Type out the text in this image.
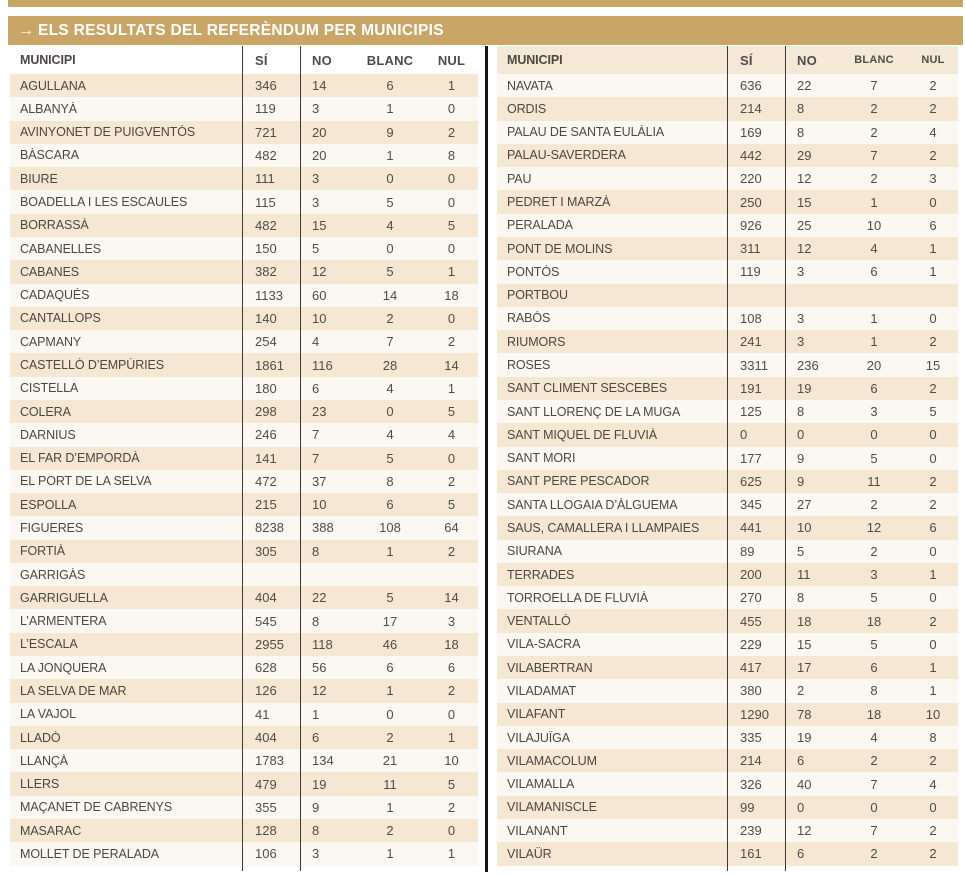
→ ELS RESULTATS DEL REFERÈNDUM PER MUNICIPIS
MUNICIPI	SÍ	NO	BLANC	NUL
AGULLANA	346	14	6	1
ALBANYÀ	119	3	1	0
AVINYONET DE PUIGVENTÓS	721	20	9	2
BÀSCARA	482	20	1	8
BIURE	111	3	0	0
BOADELLA I LES ESCAULES	115	3	5	0
BORRASSÀ	482	15	4	5
CABANELLES	150	5	0	0
CABANES	382	12	5	1
CADAQUÉS	1133	60	14	18
CANTALLOPS	140	10	2	0
CAPMANY	254	4	7	2
CASTELLÓ D’EMPÚRIES	1861	116	28	14
CISTELLA	180	6	4	1
COLERA	298	23	0	5
DARNIUS	246	7	4	4
EL FAR D’EMPORDÀ	141	7	5	0
EL PORT DE LA SELVA	472	37	8	2
ESPOLLA	215	10	6	5
FIGUERES	8238	388	108	64
FORTIÀ	305	8	1	2
GARRIGÀS
GARRIGUELLA	404	22	5	14
L’ARMENTERA	545	8	17	3
L’ESCALA	2955	118	46	18
LA JONQUERA	628	56	6	6
LA SELVA DE MAR	126	12	1	2
LA VAJOL	41	1	0	0
LLADÓ	404	6	2	1
LLANÇÀ	1783	134	21	10
LLERS	479	19	11	5
MAÇANET DE CABRENYS	355	9	1	2
MASARAC	128	8	2	0
MOLLET DE PERALADA	106	3	1	1
MUNICIPI	SÍ	NO	BLANC	NUL
NAVATA	636	22	7	2
ORDIS	214	8	2	2
PALAU DE SANTA EULÀLIA	169	8	2	4
PALAU-SAVERDERA	442	29	7	2
PAU	220	12	2	3
PEDRET I MARZÀ	250	15	1	0
PERALADA	926	25	10	6
PONT DE MOLINS	311	12	4	1
PONTÓS	119	3	6	1
PORTBOU
RABÓS	108	3	1	0
RIUMORS	241	3	1	2
ROSES	3311	236	20	15
SANT CLIMENT SESCEBES	191	19	6	2
SANT LLORENÇ DE LA MUGA	125	8	3	5
SANT MIQUEL DE FLUVIÀ	0	0	0	0
SANT MORI	177	9	5	0
SANT PERE PESCADOR	625	9	11	2
SANTA LLOGAIA D’ÀLGUEMA	345	27	2	2
SAUS, CAMALLERA I LLAMPAIES	441	10	12	6
SIURANA	89	5	2	0
TERRADES	200	11	3	1
TORROELLA DE FLUVIÀ	270	8	5	0
VENTALLÓ	455	18	18	2
VILA-SACRA	229	15	5	0
VILABERTRAN	417	17	6	1
VILADAMAT	380	2	8	1
VILAFANT	1290	78	18	10
VILAJUÏGA	335	19	4	8
VILAMACOLUM	214	6	2	2
VILAMALLA	326	40	7	4
VILAMANISCLE	99	0	0	0
VILANANT	239	12	7	2
VILAÜR	161	6	2	2
